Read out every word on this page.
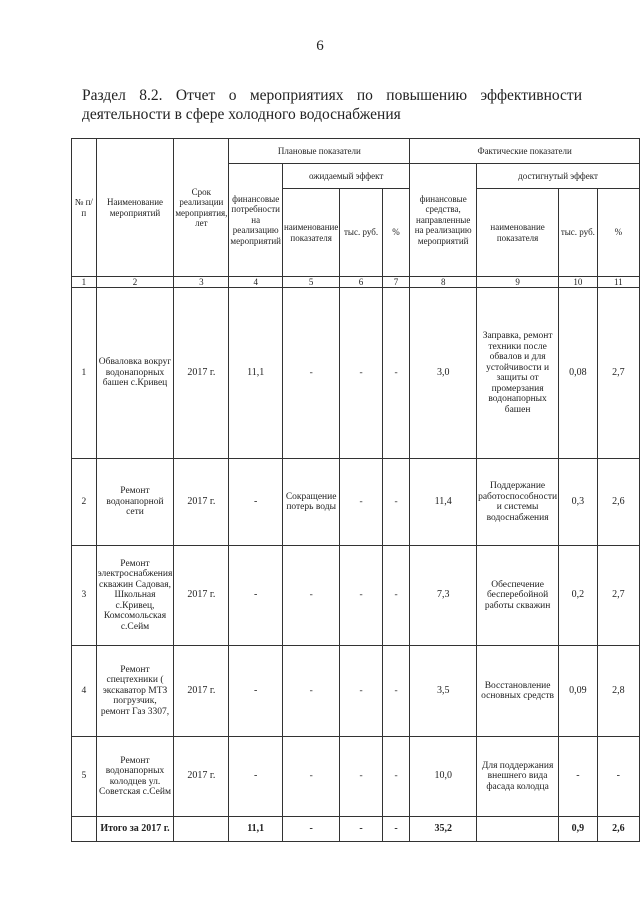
6
Раздел 8.2. Отчет о мероприятиях по повышению эффективности
деятельности в сфере холодного водоснабжения
№ п/п	Наименование мероприятий	Срок реализации мероприятия, лет	Плановые показатели				Фактические показатели			
			финансовые потребности на реализацию мероприятий	ожидаемый эффект			финансовые средства, направленные на реализацию мероприятий	достигнутый эффект		
				наименование показателя	тыс. руб.	%		наименование показателя	тыс. руб.	%
1	2	3	4	5	6	7	8	9	10	11
1	Обваловка вокруг водонапорных башен с.Кривец	2017 г.	11,1	-	-	-	3,0	Заправка, ремонт техники после обвалов и для устойчивости и защиты от промерзания водонапорных башен	0,08	2,7
2	Ремонт водонапорной сети	2017 г.	-	Сокращение потерь воды	-	-	11,4	Поддержание работоспособности и системы водоснабжения	0,3	2,6
3	Ремонт электроснабжения скважин Садовая, Школьная с.Кривец, Комсомольская с.Сейм	2017 г.	-	-	-	-	7,3	Обеспечение бесперебойной работы скважин	0,2	2,7
4	Ремонт спецтехники ( экскаватор МТЗ погрузчик, ремонт Газ 3307,	2017 г.	-	-	-	-	3,5	Восстановление основных средств	0,09	2,8
5	Ремонт водонапорных колодцев ул. Советская с.Сейм	2017 г.	-	-	-	-	10,0	Для поддержания внешнего вида фасада колодца	-	-
	Итого за 2017 г.		11,1	-	-	-	35,2		0,9	2,6
